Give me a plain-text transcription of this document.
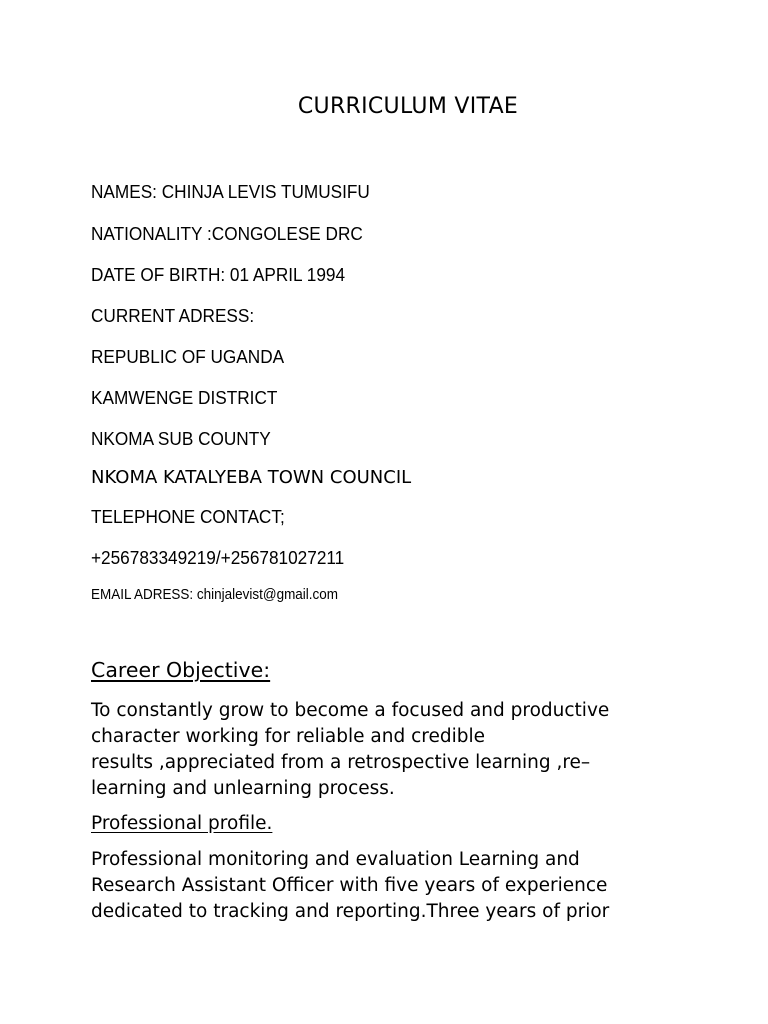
CURRICULUM VITAE
NAMES: CHINJA LEVIS TUMUSIFU
NATIONALITY :CONGOLESE DRC
DATE OF BIRTH: 01 APRIL 1994
CURRENT ADRESS:
REPUBLIC OF UGANDA
KAMWENGE DISTRICT
NKOMA SUB COUNTY
NKOMA KATALYEBA TOWN COUNCIL
TELEPHONE CONTACT;
+256783349219/+256781027211
EMAIL ADRESS: chinjalevist@gmail.com
Career Objective:

To constantly grow to become a focused and productive
character working for reliable and credible
results ,appreciated from a retrospective learning ,re–
learning and unlearning process.

Professional profile.

Professional monitoring and evaluation Learning and
Research Assistant Officer with five years of experience
dedicated to tracking and reporting.Three years of prior
